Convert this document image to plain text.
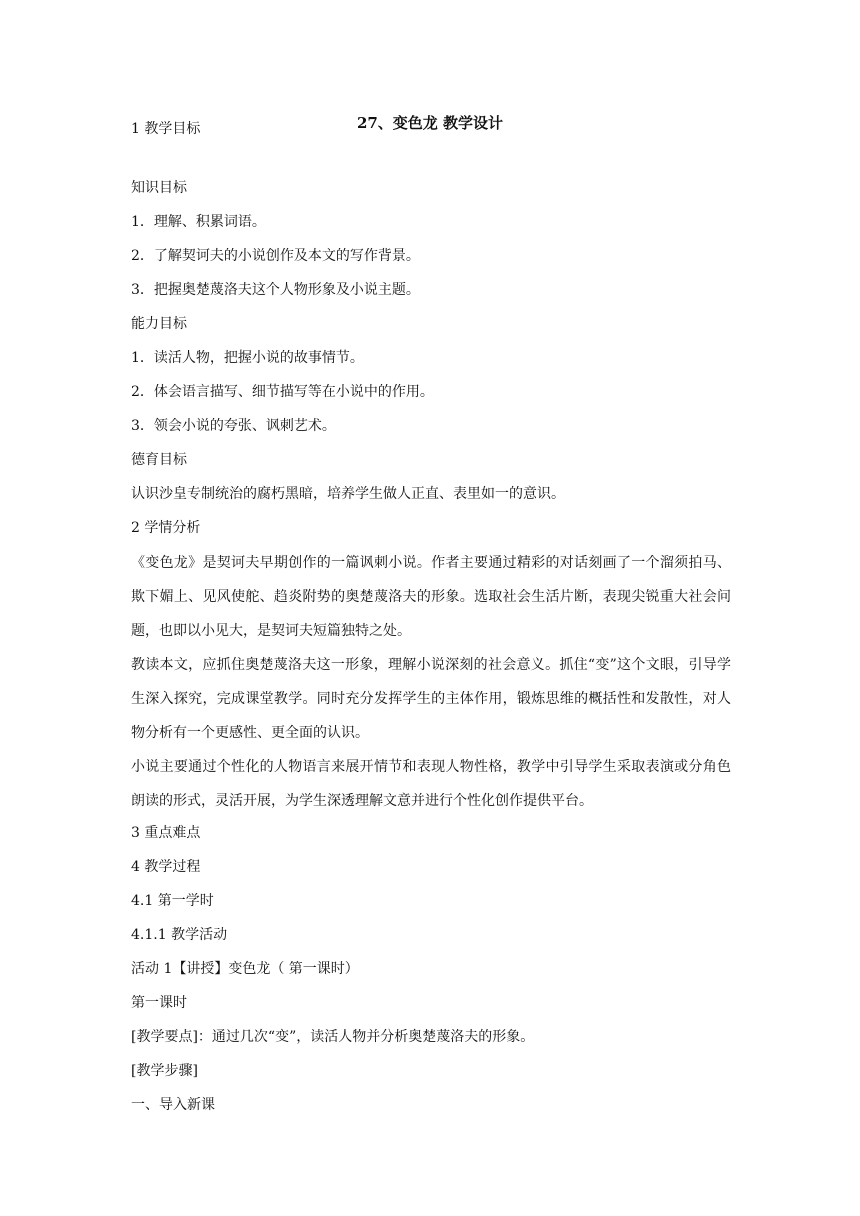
27、变色龙 教学设计
1 教学目标
知识目标
1．理解、积累词语。
2．了解契诃夫的小说创作及本文的写作背景。
3．把握奥楚蔑洛夫这个人物形象及小说主题。
能力目标
1．读活人物，把握小说的故事情节。
2．体会语言描写、细节描写等在小说中的作用。
3．领会小说的夸张、讽刺艺术。
德育目标
认识沙皇专制统治的腐朽黑暗，培养学生做人正直、表里如一的意识。
2 学情分析
《变色龙》是契诃夫早期创作的一篇讽刺小说。作者主要通过精彩的对话刻画了一个溜须拍马、欺下媚上、见风使舵、趋炎附势的奥楚蔑洛夫的形象。选取社会生活片断，表现尖锐重大社会问题，也即以小见大，是契诃夫短篇独特之处。
教读本文，应抓住奥楚蔑洛夫这一形象，理解小说深刻的社会意义。抓住“变”这个文眼，引导学生深入探究，完成课堂教学。同时充分发挥学生的主体作用，锻炼思维的概括性和发散性，对人物分析有一个更感性、更全面的认识。
小说主要通过个性化的人物语言来展开情节和表现人物性格，教学中引导学生采取表演或分角色朗读的形式，灵活开展，为学生深透理解文意并进行个性化创作提供平台。
3 重点难点
4 教学过程
4.1 第一学时
4.1.1 教学活动
活动 1【讲授】变色龙（ 第一课时）
第一课时
[教学要点]：通过几次“变”，读活人物并分析奥楚蔑洛夫的形象。
[教学步骤]
一、导入新课
